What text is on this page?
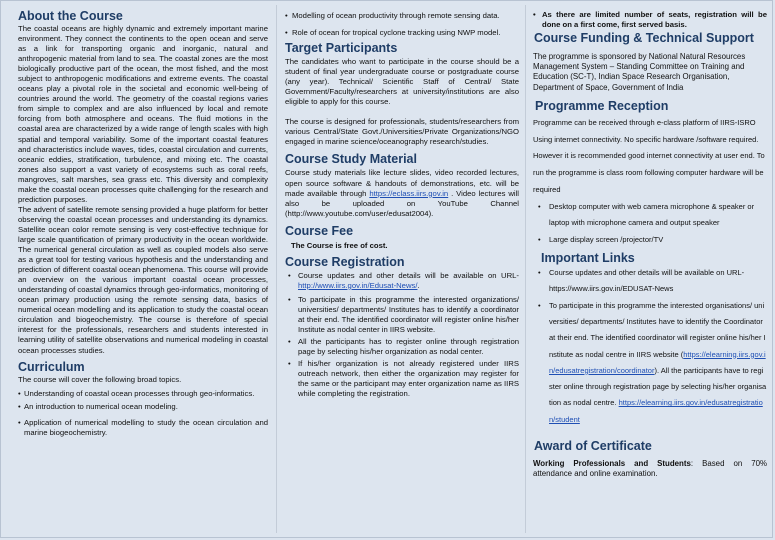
About the Course

The coastal oceans are highly dynamic and extremely important marine environment. They connect the continents to the open ocean and serve as a link for transporting organic and inorganic, natural and anthropogenic material from land to sea. The coastal zones are the most biologically productive part of the ocean, the most fished, and the most subject to anthropogenic modifications and extreme events. The coastal oceans play a pivotal role in the societal and economic well-being of countries around the world. The geometry of the coastal regions varies from simple to complex and are also influenced by local and remote forcing from both atmosphere and oceans. The fluid motions in the coastal area are characterized by a wide range of length scales with high spatial and temporal variability. Some of the important coastal features and characteristics include waves, tides, coastal circulation and currents, oceanic eddies, stratification, turbulence, and mixing etc. The coastal zones also support a vast variety of ecosystems such as coral reefs, mangroves, salt marshes, sea grass etc. This diversity and complexity make the coastal ocean processes quite challenging for the research and prediction purposes.

The advent of satellite remote sensing provided a huge platform for better observing the coastal ocean processes and understanding its dynamics. Satellite ocean color remote sensing is very cost-effective technique for large scale quantification of primary productivity in the ocean worldwide. The numerical general circulation as well as coupled models also serve as a great tool for testing various hypothesis and the understanding and prediction of different coastal ocean phenomena. This course will provide an overview on the various important coastal ocean processes, understanding of coastal dynamics through geo-informatics, monitoring of ocean primary production using the remote sensing data, basics of numerical ocean modelling and its application to study the coastal ocean circulation and biogeochemistry. The course is therefore of special interest for the professionals, researchers and students interested in learning utility of satellite observations and numerical modeling in coastal ocean processes studies.

Curriculum

The course will cover the following broad topics.

• Understanding of coastal ocean processes through geo-informatics.
• An introduction to numerical ocean modeling.
• Application of numerical modelling to study the ocean circulation and marine biogeochemistry.
• Modelling of ocean productivity through remote sensing data.
• Role of ocean for tropical cyclone tracking using NWP model.
Target Participants

The candidates who want to participate in the course should be a student of final year undergraduate course or postgraduate course (any year). Technical/ Scientific Staff of Central/ State Government/Faculty/researchers at university/institutions are also eligible to apply for this course.

The course is designed for professionals, students/researchers from various Central/State Govt./Universities/Private Organizations/NGO engaged in marine science/oceanography research/studies.

Course Study Material

Course study materials like lecture slides, video recorded lectures, open source software & handouts of demonstrations, etc. will be made available through https://eclass.iirs.gov.in . Video lectures will also be uploaded on YouTube Channel (http://www.youtube.com/user/edusat2004).

Course Fee

The Course is free of cost.

Course Registration
• Course updates and other details will be available on URL- http://www.iirs.gov.in/Edusat-News/.
• To participate in this programme the interested organizations/ universities/ departments/ Institutes has to identify a coordinator at their end. The identified coordinator will register online his/her Institute as nodal center in IIRS website.
• All the participants has to register online through registration page by selecting his/her organization as nodal center.
• If his/her organization is not already registered under IIRS outreach network, then either the organization may register for the same or the participant may enter organization name as IIRS while completing the registration.
• As there are limited number of seats, registration will be done on a first come, first served basis.
Course Funding & Technical Support

The programme is sponsored by National Natural Resources Management System – Standing Committee on Training and Education (SC-T), Indian Space Research Organisation, Department of Space, Government of India

Programme Reception

Programme can be received through e-class platform of IIRS-ISRO Using internet connectivity. No specific hardware /software required. However it is recommended good internet connectivity at user end. To run the programme is class room following computer hardware will be required

• Desktop computer with web camera microphone & speaker or laptop with microphone camera and output speaker
• Large display screen /projector/TV
Important Links
• Course updates and other details will be available on URL- https://www.iirs.gov.in/EDUSAT-News
• To participate in this programme the interested organisations/ universities/ departments/ Institutes have to identify the Coordinator at their end. The identified coordinator will register online his/her Institute as nodal centre in IIRS website (https://elearning.iirs.gov.in/edusatregistration/coordinator). All the participants have to register online through registration page by selecting his/her organisation as nodal centre. https://elearning.iirs.gov.in/edusatregistration/student
Award of Certificate

Working Professionals and Students: Based on 70% attendance and online examination.
